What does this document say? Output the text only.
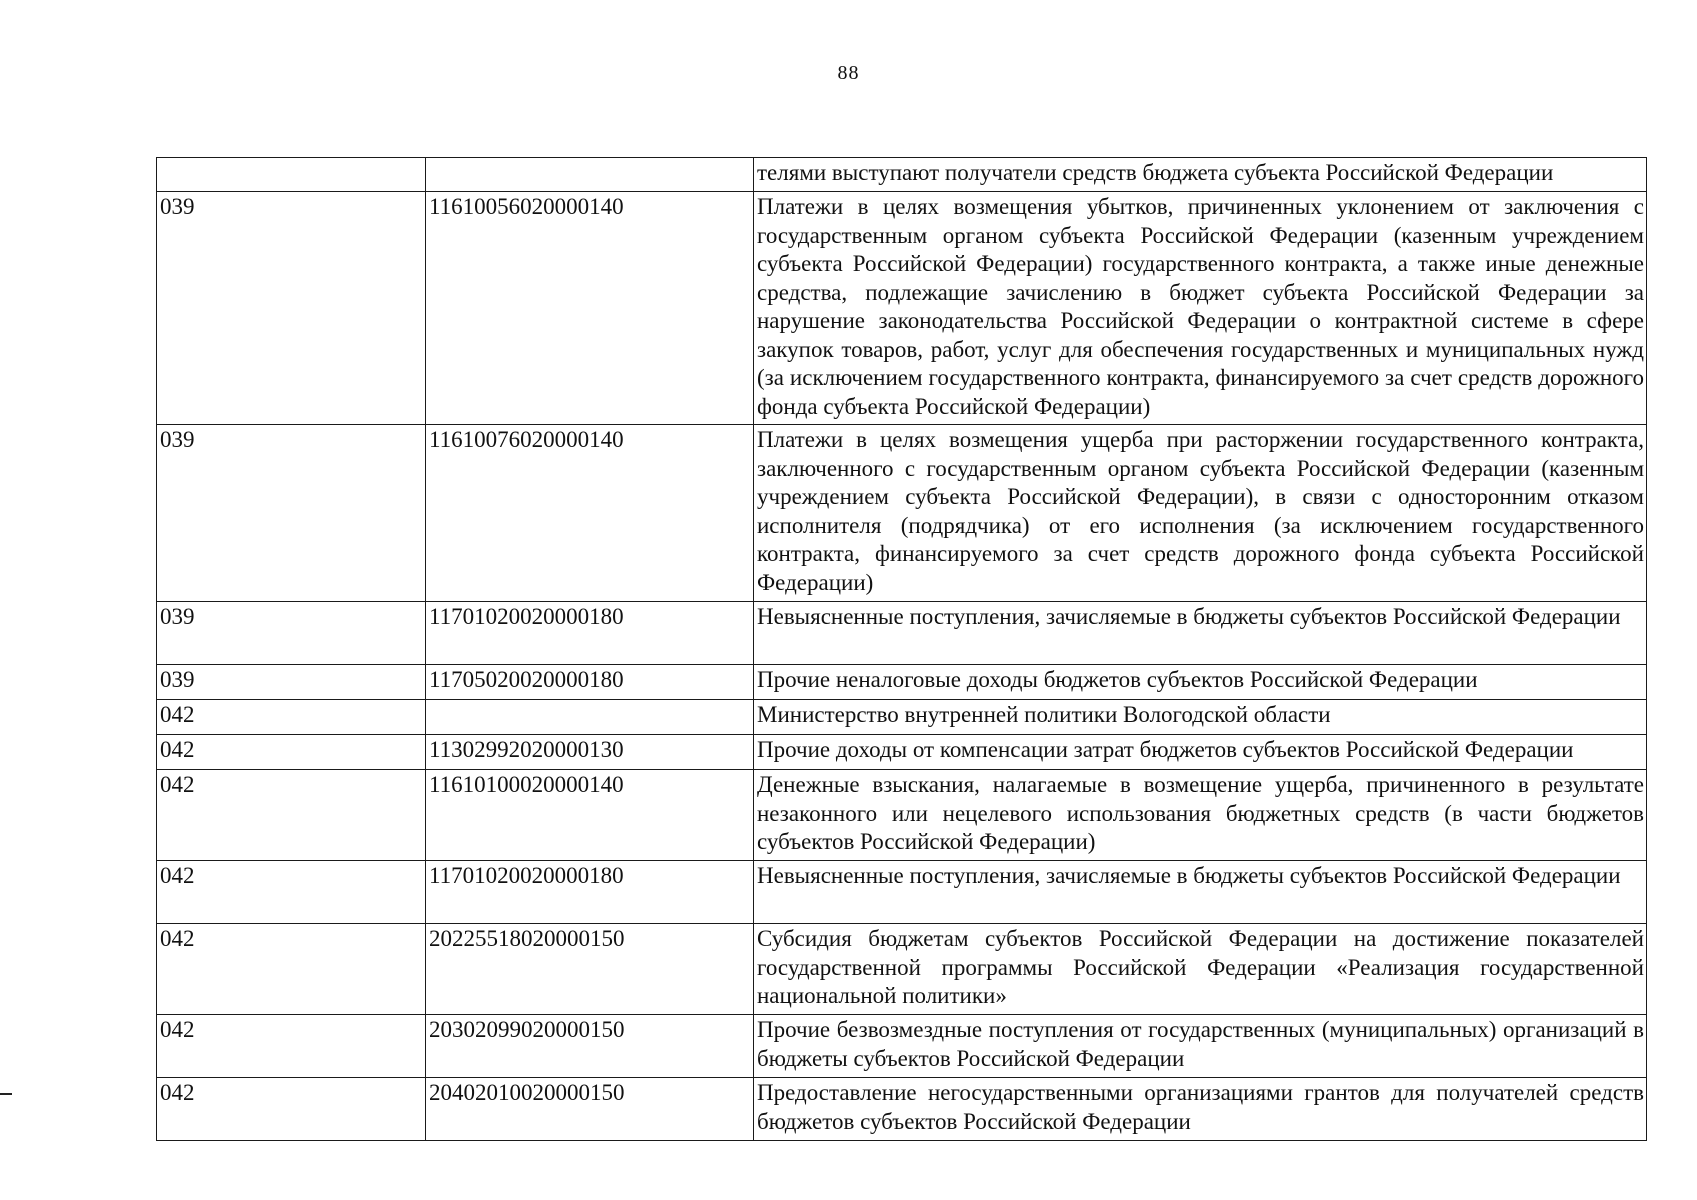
88
		телями выступают получатели средств бюджета субъекта Российской Федерации
039	11610056020000140	Платежи в целях возмещения убытков, причиненных уклонением от заключения с государственным органом субъекта Российской Федерации (казенным учреждением субъекта Российской Федерации) государственного контракта, а также иные денежные средства, подлежащие зачислению в бюджет субъекта Российской Федерации за нарушение законодательства Российской Федерации о контрактной системе в сфере закупок товаров, работ, услуг для обеспечения государственных и муниципальных нужд (за исключением государственного контракта, финансируемого за счет средств дорожного фонда субъекта Российской Федерации)
039	11610076020000140	Платежи в целях возмещения ущерба при расторжении государственного контракта, заключенного с государственным органом субъекта Российской Федерации (казенным учреждением субъекта Российской Федерации), в связи с односторонним отказом исполнителя (подрядчика) от его исполнения (за исключением государственного контракта, финансируемого за счет средств дорожного фонда субъекта Российской Федерации)
039	11701020020000180	Невыясненные поступления, зачисляемые в бюджеты субъектов Российской Федерации
039	11705020020000180	Прочие неналоговые доходы бюджетов субъектов Российской Федерации
042		Министерство внутренней политики Вологодской области
042	11302992020000130	Прочие доходы от компенсации затрат бюджетов субъектов Российской Федерации
042	11610100020000140	Денежные взыскания, налагаемые в возмещение ущерба, причиненного в результате незаконного или нецелевого использования бюджетных средств (в части бюджетов субъектов Российской Федерации)
042	11701020020000180	Невыясненные поступления, зачисляемые в бюджеты субъектов Российской Федерации
042	20225518020000150	Субсидия бюджетам субъектов Российской Федерации на достижение показателей государственной программы Российской Федерации «Реализация государственной национальной политики»
042	20302099020000150	Прочие безвозмездные поступления от государственных (муниципальных) организаций в бюджеты субъектов Российской Федерации
042	20402010020000150	Предоставление негосударственными организациями грантов для получателей средств бюджетов субъектов Российской Федерации
